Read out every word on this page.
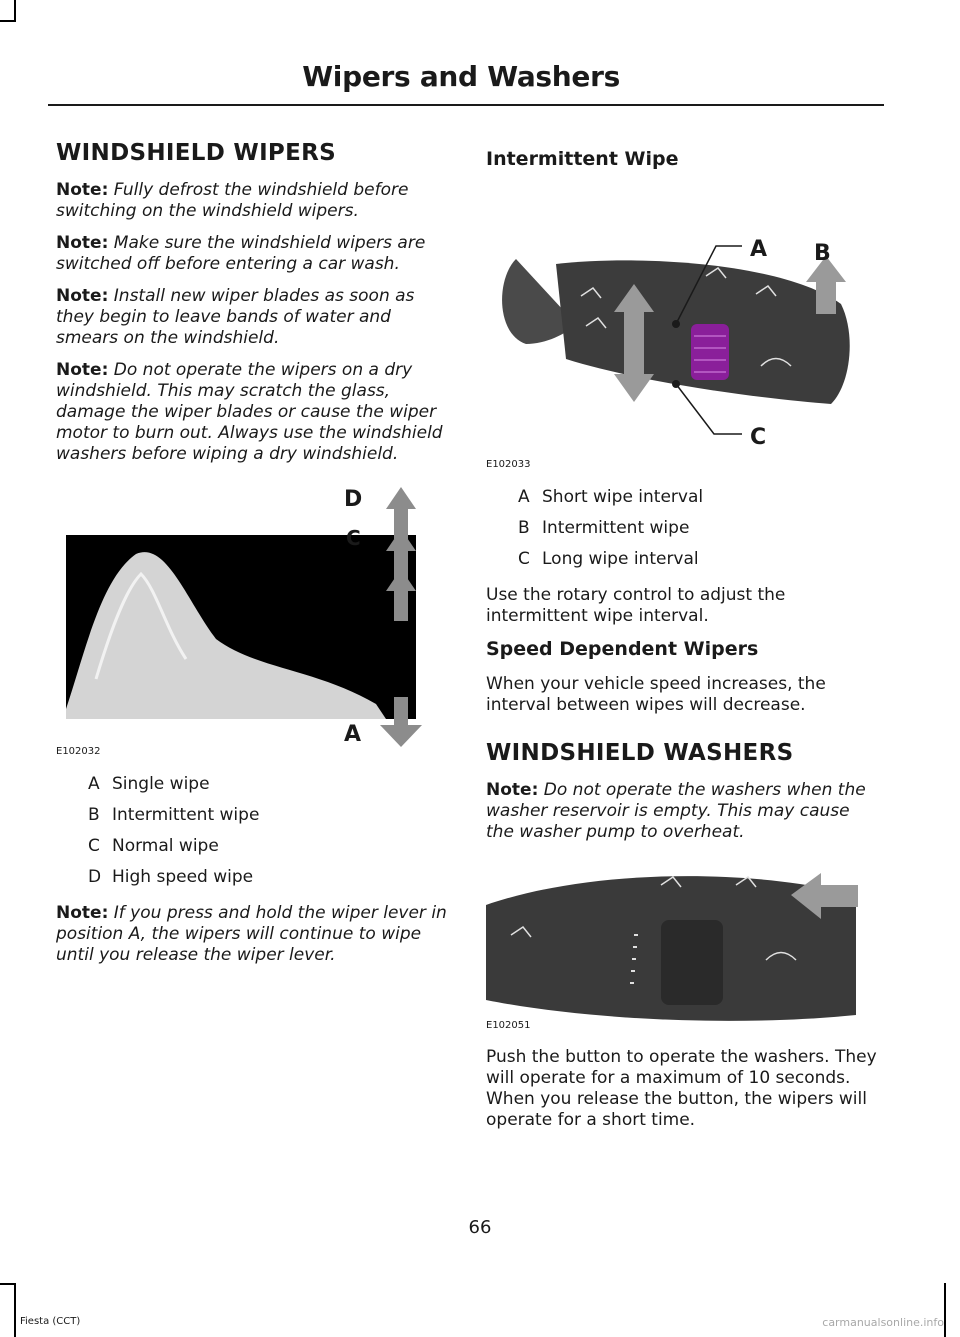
Wipers and Washers
WINDSHIELD WIPERS

Note: Fully defrost the windshield before switching on the windshield wipers.

Note: Make sure the windshield wipers are switched off before entering a car wash.

Note: Install new wiper blades as soon as they begin to leave bands of water and smears on the windshield.

Note: Do not operate the wipers on a dry windshield. This may scratch the glass, damage the wiper blades or cause the wiper motor to burn out. Always use the windshield washers before wiping a dry windshield.

D
C
A
E102032
A Single wipe
B Intermittent wipe
C Normal wipe
D High speed wipe

Note: If you press and hold the wiper lever in position A, the wipers will continue to wipe until you release the wiper lever.

Intermittent Wipe
A B
C
E102033
A Short wipe interval
B Intermittent wipe
C Long wipe interval

Use the rotary control to adjust the intermittent wipe interval.

Speed Dependent Wipers

When your vehicle speed increases, the interval between wipes will decrease.

WINDSHIELD WASHERS

Note: Do not operate the washers when the washer reservoir is empty. This may cause the washer pump to overheat.

E102051

Push the button to operate the washers. They will operate for a maximum of 10 seconds. When you release the button, the wipers will operate for a short time.

66
Fiesta (CCT)	carmanualsonline.info
